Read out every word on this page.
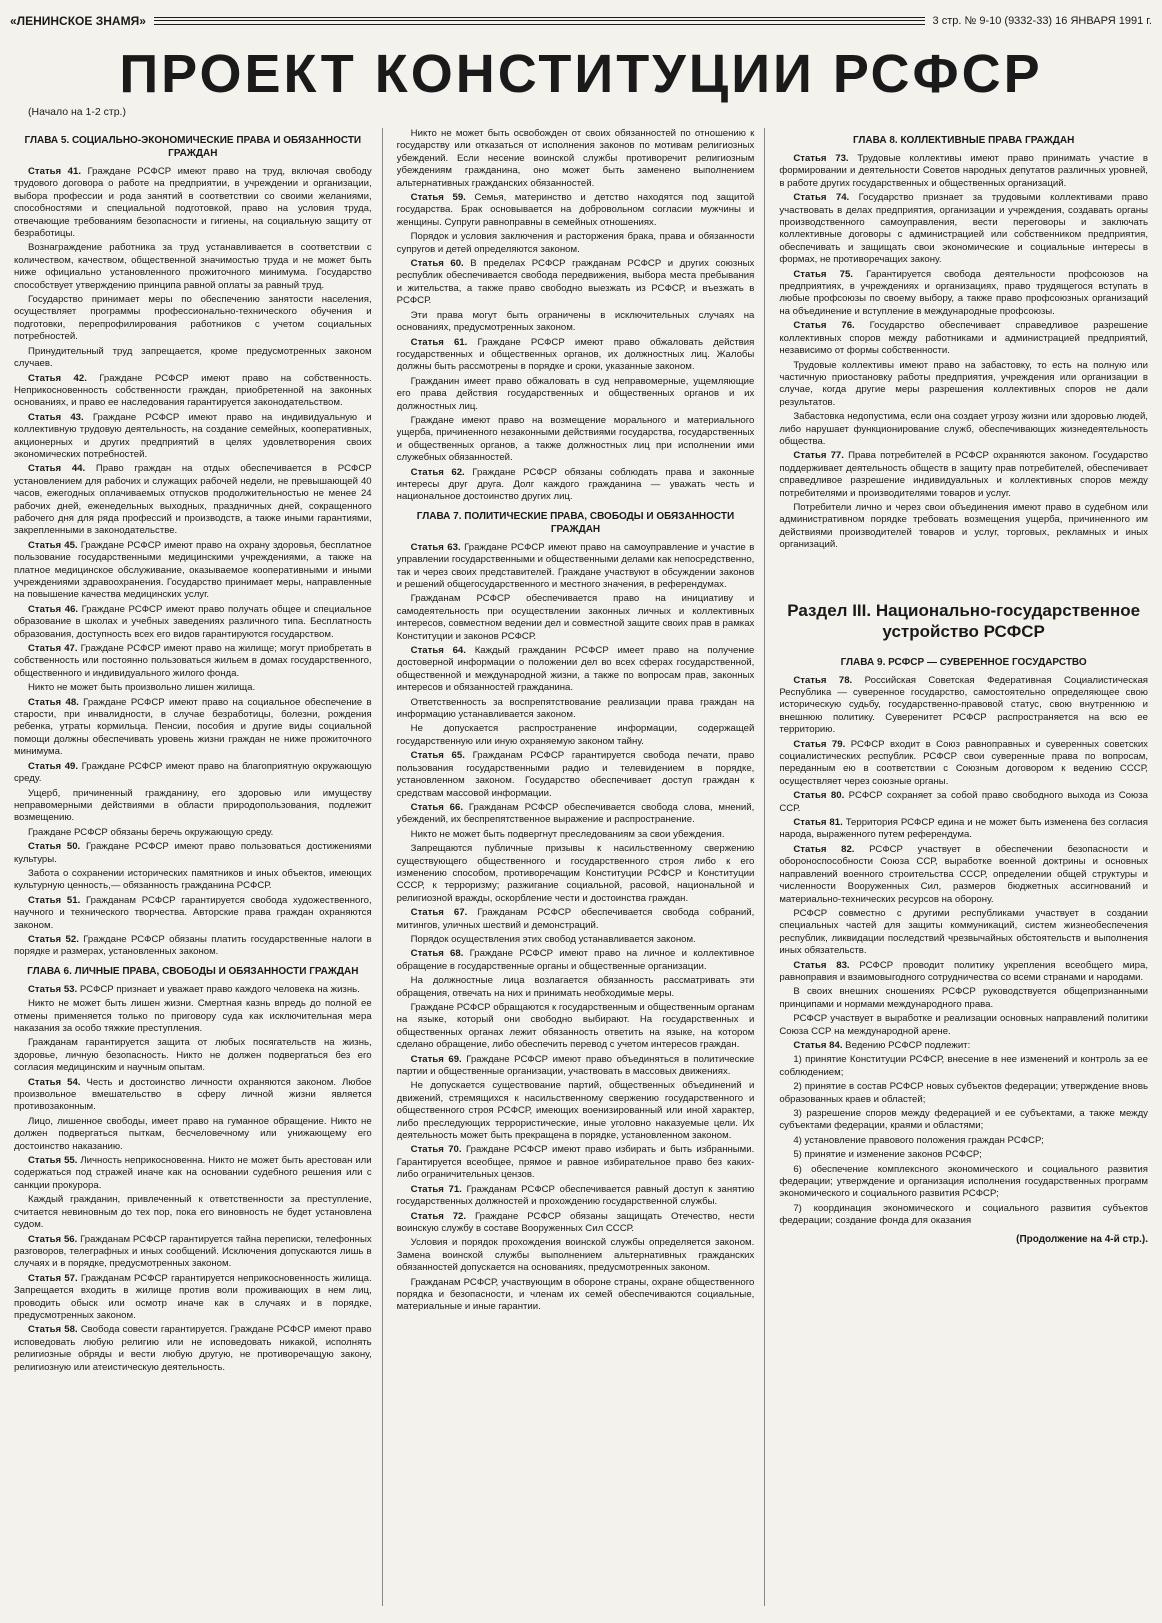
«ЛЕНИНСКОЕ ЗНАМЯ»	3 стр. № 9-10 (9332-33) 16 ЯНВАРЯ 1991 г.
ПРОЕКТ КОНСТИТУЦИИ РСФСР
(Начало на 1-2 стр.)
ГЛАВА 5. СОЦИАЛЬНО-ЭКОНОМИЧЕСКИЕ ПРАВА И ОБЯЗАННОСТИ ГРАЖДАН

Статья 41. Граждане РСФСР имеют право на труд, включая свободу трудового договора о работе на предприятии, в учреждении и организации, выбора профессии и рода занятий в соответствии со своими желаниями, способностями и специальной подготовкой, право на условия труда, отвечающие требованиям безопасности и гигиены, на социальную защиту от безработицы.

Вознаграждение работника за труд устанавливается в соответствии с количеством, качеством, общественной значимостью труда и не может быть ниже официально установленного прожиточного минимума. Государство способствует утверждению принципа равной оплаты за равный труд.

Государство принимает меры по обеспечению занятости населения, осуществляет программы профессионально-технического обучения и подготовки, перепрофилирования работников с учетом социальных потребностей.

Принудительный труд запрещается, кроме предусмотренных законом случаев.

Статья 42. Граждане РСФСР имеют право на собственность. Неприкосновенность собственности граждан, приобретенной на законных основаниях, и право ее наследования гарантируется законодательством.

Статья 43. Граждане РСФСР имеют право на индивидуальную и коллективную трудовую деятельность, на создание семейных, кооперативных, акционерных и других предприятий в целях удовлетворения своих экономических потребностей.

Статья 44. Право граждан на отдых обеспечивается в РСФСР установлением для рабочих и служащих рабочей недели, не превышающей 40 часов, ежегодных оплачиваемых отпусков продолжительностью не менее 24 рабочих дней, еженедельных выходных, праздничных дней, сокращенного рабочего дня для ряда профессий и производств, а также иными гарантиями, закрепленными в законодательстве.

Статья 45. Граждане РСФСР имеют право на охрану здоровья, бесплатное пользование государственными медицинскими учреждениями, а также на платное медицинское обслуживание, оказываемое кооперативными и иными учреждениями здравоохранения. Государство принимает меры, направленные на повышение качества медицинских услуг.

Статья 46. Граждане РСФСР имеют право получать общее и специальное образование в школах и учебных заведениях различного типа. Бесплатность образования, доступность всех его видов гарантируются государством.

Статья 47. Граждане РСФСР имеют право на жилище; могут приобретать в собственность или постоянно пользоваться жильем в домах государственного, общественного и индивидуального жилого фонда.

Никто не может быть произвольно лишен жилища.

Статья 48. Граждане РСФСР имеют право на социальное обеспечение в старости, при инвалидности, в случае безработицы, болезни, рождения ребенка, утраты кормильца. Пенсии, пособия и другие виды социальной помощи должны обеспечивать уровень жизни граждан не ниже прожиточного минимума.

Статья 49. Граждане РСФСР имеют право на благоприятную окружающую среду.

Ущерб, причиненный гражданину, его здоровью или имуществу неправомерными действиями в области природопользования, подлежит возмещению.

Граждане РСФСР обязаны беречь окружающую среду.

Статья 50. Граждане РСФСР имеют право пользоваться достижениями культуры.

Забота о сохранении исторических памятников и иных объектов, имеющих культурную ценность,— обязанность гражданина РСФСР.

Статья 51. Гражданам РСФСР гарантируется свобода художественного, научного и технического творчества. Авторские права граждан охраняются законом.

Статья 52. Граждане РСФСР обязаны платить государственные налоги в порядке и размерах, установленных законом.

ГЛАВА 6. ЛИЧНЫЕ ПРАВА, СВОБОДЫ И ОБЯЗАННОСТИ ГРАЖДАН

Статья 53. РСФСР признает и уважает право каждого человека на жизнь.

Никто не может быть лишен жизни. Смертная казнь впредь до полной ее отмены применяется только по приговору суда как исключительная мера наказания за особо тяжкие преступления.

Гражданам гарантируется защита от любых посягательств на жизнь, здоровье, личную безопасность. Никто не должен подвергаться без его согласия медицинским и научным опытам.

Статья 54. Честь и достоинство личности охраняются законом. Любое произвольное вмешательство в сферу личной жизни является противозаконным.

Лицо, лишенное свободы, имеет право на гуманное обращение. Никто не должен подвергаться пыткам, бесчеловечному или унижающему его достоинство наказанию.

Статья 55. Личность неприкосновенна. Никто не может быть арестован или содержаться под стражей иначе как на основании судебного решения или с санкции прокурора.

Каждый гражданин, привлеченный к ответственности за преступление, считается невиновным до тех пор, пока его виновность не будет установлена судом.

Статья 56. Гражданам РСФСР гарантируется тайна переписки, телефонных разговоров, телеграфных и иных сообщений. Исключения допускаются лишь в случаях и в порядке, предусмотренных законом.

Статья 57. Гражданам РСФСР гарантируется неприкосновенность жилища. Запрещается входить в жилище против воли проживающих в нем лиц, проводить обыск или осмотр иначе как в случаях и в порядке, предусмотренных законом.

Статья 58. Свобода совести гарантируется. Граждане РСФСР имеют право исповедовать любую религию или не исповедовать никакой, исполнять религиозные обряды и вести любую другую, не противоречащую закону, религиозную или атеистическую деятельность.

Никто не может быть освобожден от своих обязанностей по отношению к государству или отказаться от исполнения законов по мотивам религиозных убеждений. Если несение воинской службы противоречит религиозным убеждениям гражданина, оно может быть заменено выполнением альтернативных гражданских обязанностей.

Статья 59. Семья, материнство и детство находятся под защитой государства. Брак основывается на добровольном согласии мужчины и женщины. Супруги равноправны в семейных отношениях.

Порядок и условия заключения и расторжения брака, права и обязанности супругов и детей определяются законом.

Статья 60. В пределах РСФСР гражданам РСФСР и других союзных республик обеспечивается свобода передвижения, выбора места пребывания и жительства, а также право свободно выезжать из РСФСР, и въезжать в РСФСР.

Эти права могут быть ограничены в исключительных случаях на основаниях, предусмотренных законом.

Статья 61. Граждане РСФСР имеют право обжаловать действия государственных и общественных органов, их должностных лиц. Жалобы должны быть рассмотрены в порядке и сроки, указанные законом.

Гражданин имеет право обжаловать в суд неправомерные, ущемляющие его права действия государственных и общественных органов и их должностных лиц.

Граждане имеют право на возмещение морального и материального ущерба, причиненного незаконными действиями государства, государственных и общественных органов, а также должностных лиц при исполнении ими служебных обязанностей.

Статья 62. Граждане РСФСР обязаны соблюдать права и законные интересы друг друга. Долг каждого гражданина — уважать честь и национальное достоинство других лиц.

ГЛАВА 7. ПОЛИТИЧЕСКИЕ ПРАВА, СВОБОДЫ И ОБЯЗАННОСТИ ГРАЖДАН

Статья 63. Граждане РСФСР имеют право на самоуправление и участие в управлении государственными и общественными делами как непосредственно, так и через своих представителей. Граждане участвуют в обсуждении законов и решений общегосударственного и местного значения, в референдумах.

Гражданам РСФСР обеспечивается право на инициативу и самодеятельность при осуществлении законных личных и коллективных интересов, совместном ведении дел и совместной защите своих прав в рамках Конституции и законов РСФСР.

Статья 64. Каждый гражданин РСФСР имеет право на получение достоверной информации о положении дел во всех сферах государственной, общественной и международной жизни, а также по вопросам прав, законных интересов и обязанностей гражданина.

Ответственность за воспрепятствование реализации права граждан на информацию устанавливается законом.

Не допускается распространение информации, содержащей государственную или иную охраняемую законом тайну.

Статья 65. Гражданам РСФСР гарантируется свобода печати, право пользования государственными радио и телевидением в порядке, установленном законом. Государство обеспечивает доступ граждан к средствам массовой информации.

Статья 66. Гражданам РСФСР обеспечивается свобода слова, мнений, убеждений, их беспрепятственное выражение и распространение.

Никто не может быть подвергнут преследованиям за свои убеждения.

Запрещаются публичные призывы к насильственному свержению существующего общественного и государственного строя либо к его изменению способом, противоречащим Конституции РСФСР и Конституции СССР, к терроризму; разжигание социальной, расовой, национальной и религиозной вражды, оскорбление чести и достоинства граждан.

Статья 67. Гражданам РСФСР обеспечивается свобода собраний, митингов, уличных шествий и демонстраций.

Порядок осуществления этих свобод устанавливается законом.

Статья 68. Граждане РСФСР имеют право на личное и коллективное обращение в государственные органы и общественные организации.

На должностные лица возлагается обязанность рассматривать эти обращения, отвечать на них и принимать необходимые меры.

Граждане РСФСР обращаются к государственным и общественным органам на языке, который они свободно выбирают. На государственных и общественных органах лежит обязанность ответить на языке, на котором сделано обращение, либо обеспечить перевод с учетом интересов граждан.

Статья 69. Граждане РСФСР имеют право объединяться в политические партии и общественные организации, участвовать в массовых движениях.

Не допускается существование партий, общественных объединений и движений, стремящихся к насильственному свержению государственного и общественного строя РСФСР, имеющих военизированный или иной характер, либо преследующих террористические, иные уголовно наказуемые цели. Их деятельность может быть прекращена в порядке, установленном законом.

Статья 70. Граждане РСФСР имеют право избирать и быть избранными. Гарантируется всеобщее, прямое и равное избирательное право без каких-либо ограничительных цензов.

Статья 71. Гражданам РСФСР обеспечивается равный доступ к занятию государственных должностей и прохождению государственной службы.

Статья 72. Граждане РСФСР обязаны защищать Отечество, нести воинскую службу в составе Вооруженных Сил СССР.

Условия и порядок прохождения воинской службы определяется законом. Замена воинской службы выполнением альтернативных гражданских обязанностей допускается на основаниях, предусмотренных законом.

Гражданам РСФСР, участвующим в обороне страны, охране общественного порядка и безопасности, и членам их семей обеспечиваются социальные, материальные и иные гарантии.

ГЛАВА 8. КОЛЛЕКТИВНЫЕ ПРАВА ГРАЖДАН

Статья 73. Трудовые коллективы имеют право принимать участие в формировании и деятельности Советов народных депутатов различных уровней, в работе других государственных и общественных организаций.

Статья 74. Государство признает за трудовыми коллективами право участвовать в делах предприятия, организации и учреждения, создавать органы производственного самоуправления, вести переговоры и заключать коллективные договоры с администрацией или собственником предприятия, обеспечивать и защищать свои экономические и социальные интересы в формах, не противоречащих закону.

Статья 75. Гарантируется свобода деятельности профсоюзов на предприятиях, в учреждениях и организациях, право трудящегося вступать в любые профсоюзы по своему выбору, а также право профсоюзных организаций на объединение и вступление в международные профсоюзы.

Статья 76. Государство обеспечивает справедливое разрешение коллективных споров между работниками и администрацией предприятий, независимо от формы собственности.

Трудовые коллективы имеют право на забастовку, то есть на полную или частичную приостановку работы предприятия, учреждения или организации в случае, когда другие меры разрешения коллективных споров не дали результатов.

Забастовка недопустима, если она создает угрозу жизни или здоровью людей, либо нарушает функционирование служб, обеспечивающих жизнедеятельность общества.

Статья 77. Права потребителей в РСФСР охраняются законом. Государство поддерживает деятельность обществ в защиту прав потребителей, обеспечивает справедливое разрешение индивидуальных и коллективных споров между потребителями и производителями товаров и услуг.

Потребители лично и через свои объединения имеют право в судебном или административном порядке требовать возмещения ущерба, причиненного им действиями производителей товаров и услуг, торговых, рекламных и иных организаций.

Раздел III. Национально-государственное устройство РСФСР
ГЛАВА 9. РСФСР — СУВЕРЕННОЕ ГОСУДАРСТВО

Статья 78. Российская Советская Федеративная Социалистическая Республика — суверенное государство, самостоятельно определяющее свою историческую судьбу, государственно-правовой статус, свою внутреннюю и внешнюю политику. Суверенитет РСФСР распространяется на всю ее территорию.

Статья 79. РСФСР входит в Союз равноправных и суверенных советских социалистических республик. РСФСР свои суверенные права по вопросам, переданным ею в соответствии с Союзным договором к ведению СССР, осуществляет через союзные органы.

Статья 80. РСФСР сохраняет за собой право свободного выхода из Союза ССР.

Статья 81. Территория РСФСР едина и не может быть изменена без согласия народа, выраженного путем референдума.

Статья 82. РСФСР участвует в обеспечении безопасности и обороноспособности Союза ССР, выработке военной доктрины и основных направлений военного строительства СССР, определении общей структуры и численности Вооруженных Сил, размеров бюджетных ассигнований и материально-технических ресурсов на оборону.

РСФСР совместно с другими республиками участвует в создании специальных частей для защиты коммуникаций, систем жизнеобеспечения республик, ликвидации последствий чрезвычайных обстоятельств и выполнения иных обязательств.

Статья 83. РСФСР проводит политику укрепления всеобщего мира, равноправия и взаимовыгодного сотрудничества со всеми странами и народами.

В своих внешних сношениях РСФСР руководствуется общепризнанными принципами и нормами международного права.

РСФСР участвует в выработке и реализации основных направлений политики Союза ССР на международной арене.

Статья 84. Ведению РСФСР подлежит:

1) принятие Конституции РСФСР, внесение в нее изменений и контроль за ее соблюдением;

2) принятие в состав РСФСР новых субъектов федерации; утверждение вновь образованных краев и областей;

3) разрешение споров между федерацией и ее субъектами, а также между субъектами федерации, краями и областями;

4) установление правового положения граждан РСФСР;

5) принятие и изменение законов РСФСР;

6) обеспечение комплексного экономического и социального развития федерации; утверждение и организация исполнения государственных программ экономического и социального развития РСФСР;

7) координация экономического и социального развития субъектов федерации; создание фонда для оказания

(Продолжение на 4-й стр.).
